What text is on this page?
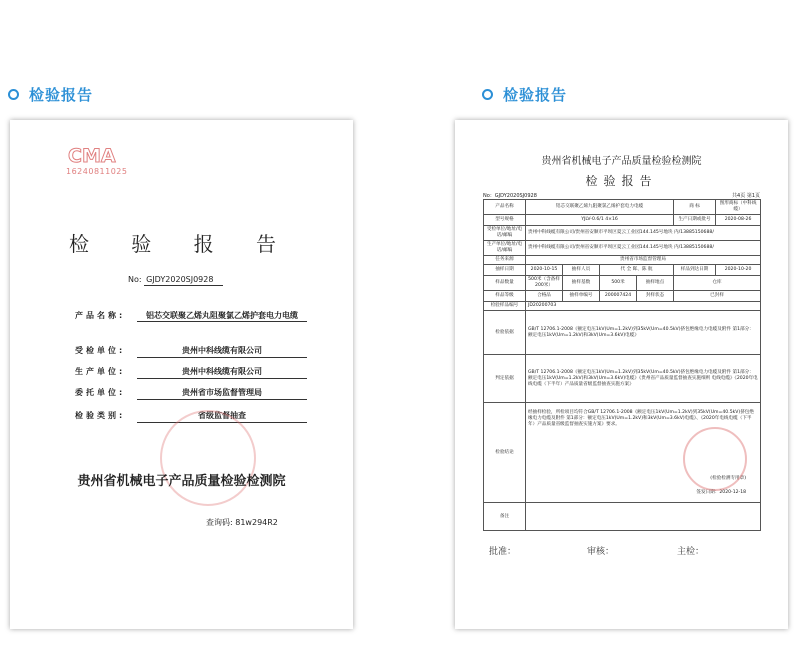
检验报告	检验报告
CMA
16240811025
检 验 报 告
No: GJDY2020SJ0928
产品名称:	铝芯交联聚乙烯丸阻聚氯乙烯护套电力电缆
受检单位:	贵州中科线缆有限公司
生产单位:	贵州中科线缆有限公司
委托单位:	贵州省市场监督管理局
检验类别:	省级监督抽查
贵州省机械电子产品质量检验检测院
查询码: 81w294R2
贵州省机械电子产品质量检验检测院
检验报告
No：GJDY2020SJ0928	共4页 第1页
产品名称	铝芯交联聚乙烯九阻聚氯乙烯护套电力电缆				商 标	图形商标（中科线缆）
型号规格	YJLV-0.6/1 4×16				生产日期或批号	2020-08-26
受检单位/地址/电话/邮编	贵州中科线缆有限公司/贵州省安顺市平坝区夏云工业园144.145号地块 内/13885150688/					
生产单位/地址/电话/邮编	贵州中科线缆有限公司/贵州省安顺市平坝区夏云工业园144.145号地块 内/13885150688/					
任务来源	贵州省市场监督管理局					
抽样日期	2020-10-15	抽样人员	代 全 晖、陈 航		样品到达日期	2020-10-20
样品数量	500米（含备样200米）	抽样基数	500米	抽样地点	仓库	
样品等级	合格品	抽样单编号	200007424	封样状态	已封样	
检验样品编号	JD20200703					
检验依据	GB/T 12706.1-2008《额定电压1kV(Um=1.2kV)到35kV(Um=40.5kV)挤包绝缘电力电缆及附件 第1部分：额定电压1kV(Um=1.2kV)和3kV(Um=3.6kV)电缆》					
判定依据	GB/T 12706.1-2008《额定电压1kV(Um=1.2kV)到35kV(Um=40.5kV)挤包绝缘电力电缆及附件 第1部分：额定电压1kV(Um=1.2kV)和3kV(Um=3.6kV)电缆》《贵州省产品质量监督抽查实施细则 电线电缆》《2020年电线电缆（下半年）产品质量省级监督抽查实施方案》					
检验结论	经抽样检验，所检项目均符合GB/T 12706.1-2008《额定电压1kV(Um=1.2kV)到35kV(Um=40.5kV)挤包绝缘电力电缆及附件 第1部分：额定电压1kV(Um=1.2kV)和3kV(Um=3.6kV)电缆》、《2020年电线电缆（下半年）产品质量省级监督抽查实施方案》要求。
(检验检测专用章)
签发日期：2020-12-18					

备注						
批准：	审核：	主检：
